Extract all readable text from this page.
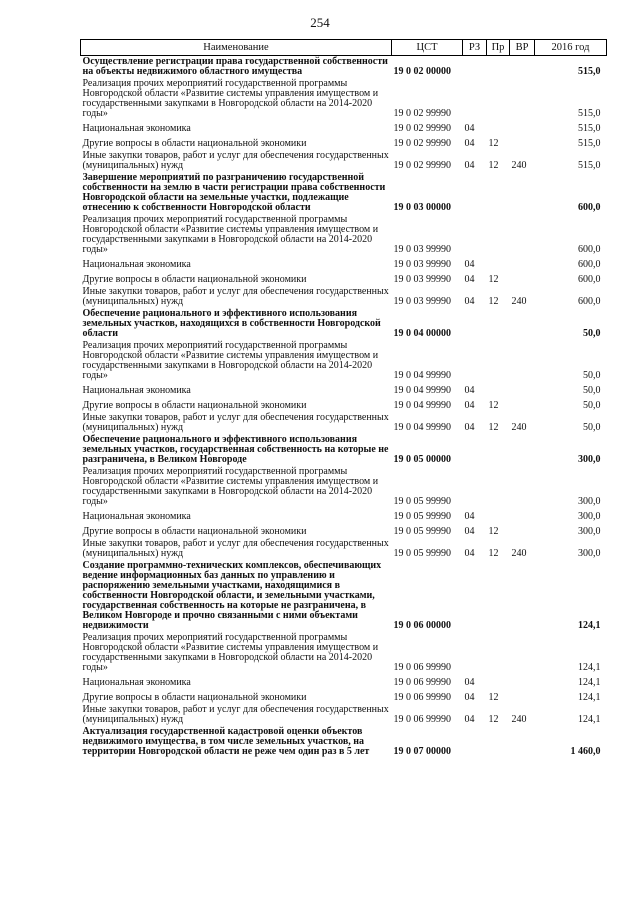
254
Наименование	ЦСТ	РЗ	Пр	ВР	2016 год
Осуществление регистрации права государственной собственности на объекты недвижимого областного имущества	19 0 02 00000				515,0
Реализация прочих мероприятий государственной программы Новгородской области «Развитие системы управления имуществом и государственными закупками в Новгородской области на 2014-2020 годы»	19 0 02 99990				515,0
Национальная экономика	19 0 02 99990	04			515,0
Другие вопросы в области национальной экономики	19 0 02 99990	04	12		515,0
Иные закупки товаров, работ и услуг для обеспечения государственных (муниципальных) нужд	19 0 02 99990	04	12	240	515,0
Завершение мероприятий по разграничению государственной собственности на землю в части регистрации права собственности Новгородской области на земельные участки, подлежащие отнесению к собственности Новгородской области	19 0 03 00000				600,0
Реализация прочих мероприятий государственной программы Новгородской области «Развитие системы управления имуществом и государственными закупками в Новгородской области на 2014-2020 годы»	19 0 03 99990				600,0
Национальная экономика	19 0 03 99990	04			600,0
Другие вопросы в области национальной экономики	19 0 03 99990	04	12		600,0
Иные закупки товаров, работ и услуг для обеспечения государственных (муниципальных) нужд	19 0 03 99990	04	12	240	600,0
Обеспечение рационального и эффективного использования земельных участков, находящихся в собственности Новгородской области	19 0 04 00000				50,0
Реализация прочих мероприятий государственной программы Новгородской области «Развитие системы управления имуществом и государственными закупками в Новгородской области на 2014-2020 годы»	19 0 04 99990				50,0
Национальная экономика	19 0 04 99990	04			50,0
Другие вопросы в области национальной экономики	19 0 04 99990	04	12		50,0
Иные закупки товаров, работ и услуг для обеспечения государственных (муниципальных) нужд	19 0 04 99990	04	12	240	50,0
Обеспечение рационального и эффективного использования земельных участков, государственная собственность на которые не разграничена, в Великом Новгороде	19 0 05 00000				300,0
Реализация прочих мероприятий государственной программы Новгородской области «Развитие системы управления имуществом и государственными закупками в Новгородской области на 2014-2020 годы»	19 0 05 99990				300,0
Национальная экономика	19 0 05 99990	04			300,0
Другие вопросы в области национальной экономики	19 0 05 99990	04	12		300,0
Иные закупки товаров, работ и услуг для обеспечения государственных (муниципальных) нужд	19 0 05 99990	04	12	240	300,0
Создание программно-технических комплексов, обеспечивающих ведение информационных баз данных по управлению и распоряжению земельными участками, находящимися в собственности Новгородской области, и земельными участками, государственная собственность на которые не разграничена, в Великом Новгороде и прочно связанными с ними объектами недвижимости	19 0 06 00000				124,1
Реализация прочих мероприятий государственной программы Новгородской области «Развитие системы управления имуществом и государственными закупками в Новгородской области на 2014-2020 годы»	19 0 06 99990				124,1
Национальная экономика	19 0 06 99990	04			124,1
Другие вопросы в области национальной экономики	19 0 06 99990	04	12		124,1
Иные закупки товаров, работ и услуг для обеспечения государственных (муниципальных) нужд	19 0 06 99990	04	12	240	124,1
Актуализация государственной кадастровой оценки объектов недвижимого имущества, в том числе земельных участков, на территории Новгородской области не реже чем один раз в 5 лет	19 0 07 00000				1 460,0
